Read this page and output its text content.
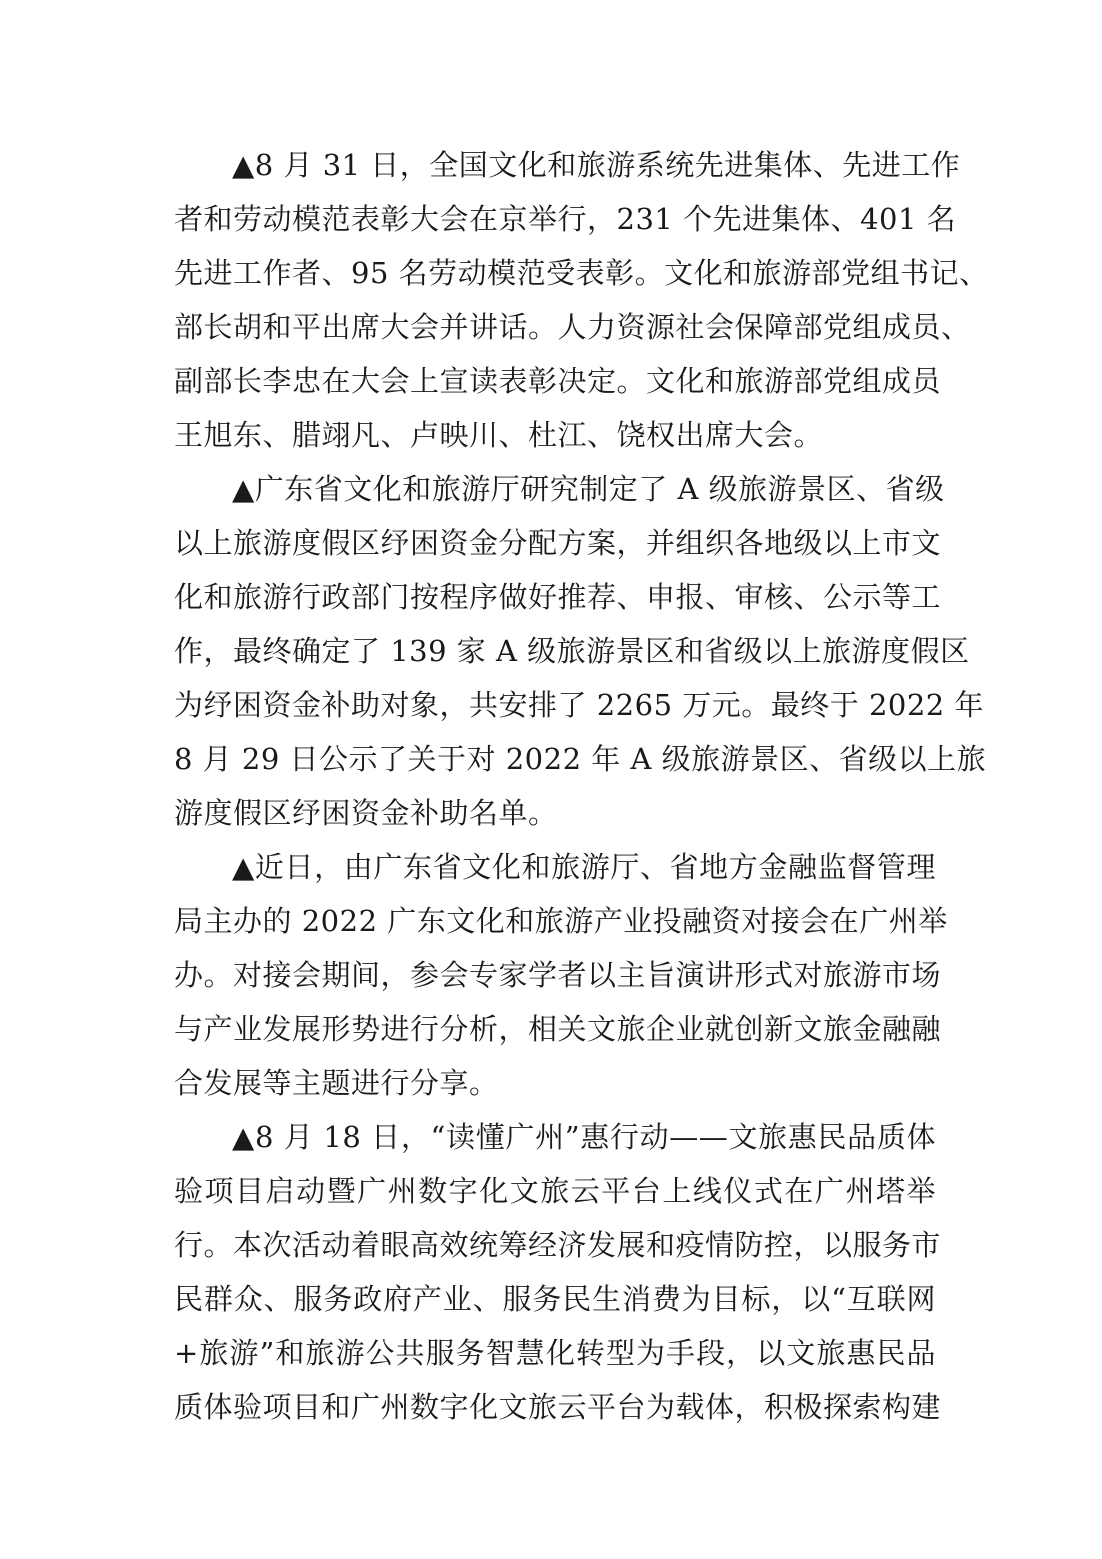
▲8 月 31 日，全国文化和旅游系统先进集体、先进工作
者和劳动模范表彰大会在京举行，231 个先进集体、401 名
先进工作者、95 名劳动模范受表彰。文化和旅游部党组书记、
部长胡和平出席大会并讲话。人力资源社会保障部党组成员、
副部长李忠在大会上宣读表彰决定。文化和旅游部党组成员
王旭东、腊翊凡、卢映川、杜江、饶权出席大会。
▲广东省文化和旅游厅研究制定了 A 级旅游景区、省级
以上旅游度假区纾困资金分配方案，并组织各地级以上市文
化和旅游行政部门按程序做好推荐、申报、审核、公示等工
作，最终确定了 139 家 A 级旅游景区和省级以上旅游度假区
为纾困资金补助对象，共安排了 2265 万元。最终于 2022 年
8 月 29 日公示了关于对 2022 年 A 级旅游景区、省级以上旅
游度假区纾困资金补助名单。
▲近日，由广东省文化和旅游厅、省地方金融监督管理
局主办的 2022 广东文化和旅游产业投融资对接会在广州举
办。对接会期间，参会专家学者以主旨演讲形式对旅游市场
与产业发展形势进行分析，相关文旅企业就创新文旅金融融
合发展等主题进行分享。
▲8 月 18 日，“读懂广州”惠行动——文旅惠民品质体
验项目启动暨广州数字化文旅云平台上线仪式在广州塔举
行。本次活动着眼高效统筹经济发展和疫情防控，以服务市
民群众、服务政府产业、服务民生消费为目标，以“互联网
+旅游”和旅游公共服务智慧化转型为手段，以文旅惠民品
质体验项目和广州数字化文旅云平台为载体，积极探索构建
